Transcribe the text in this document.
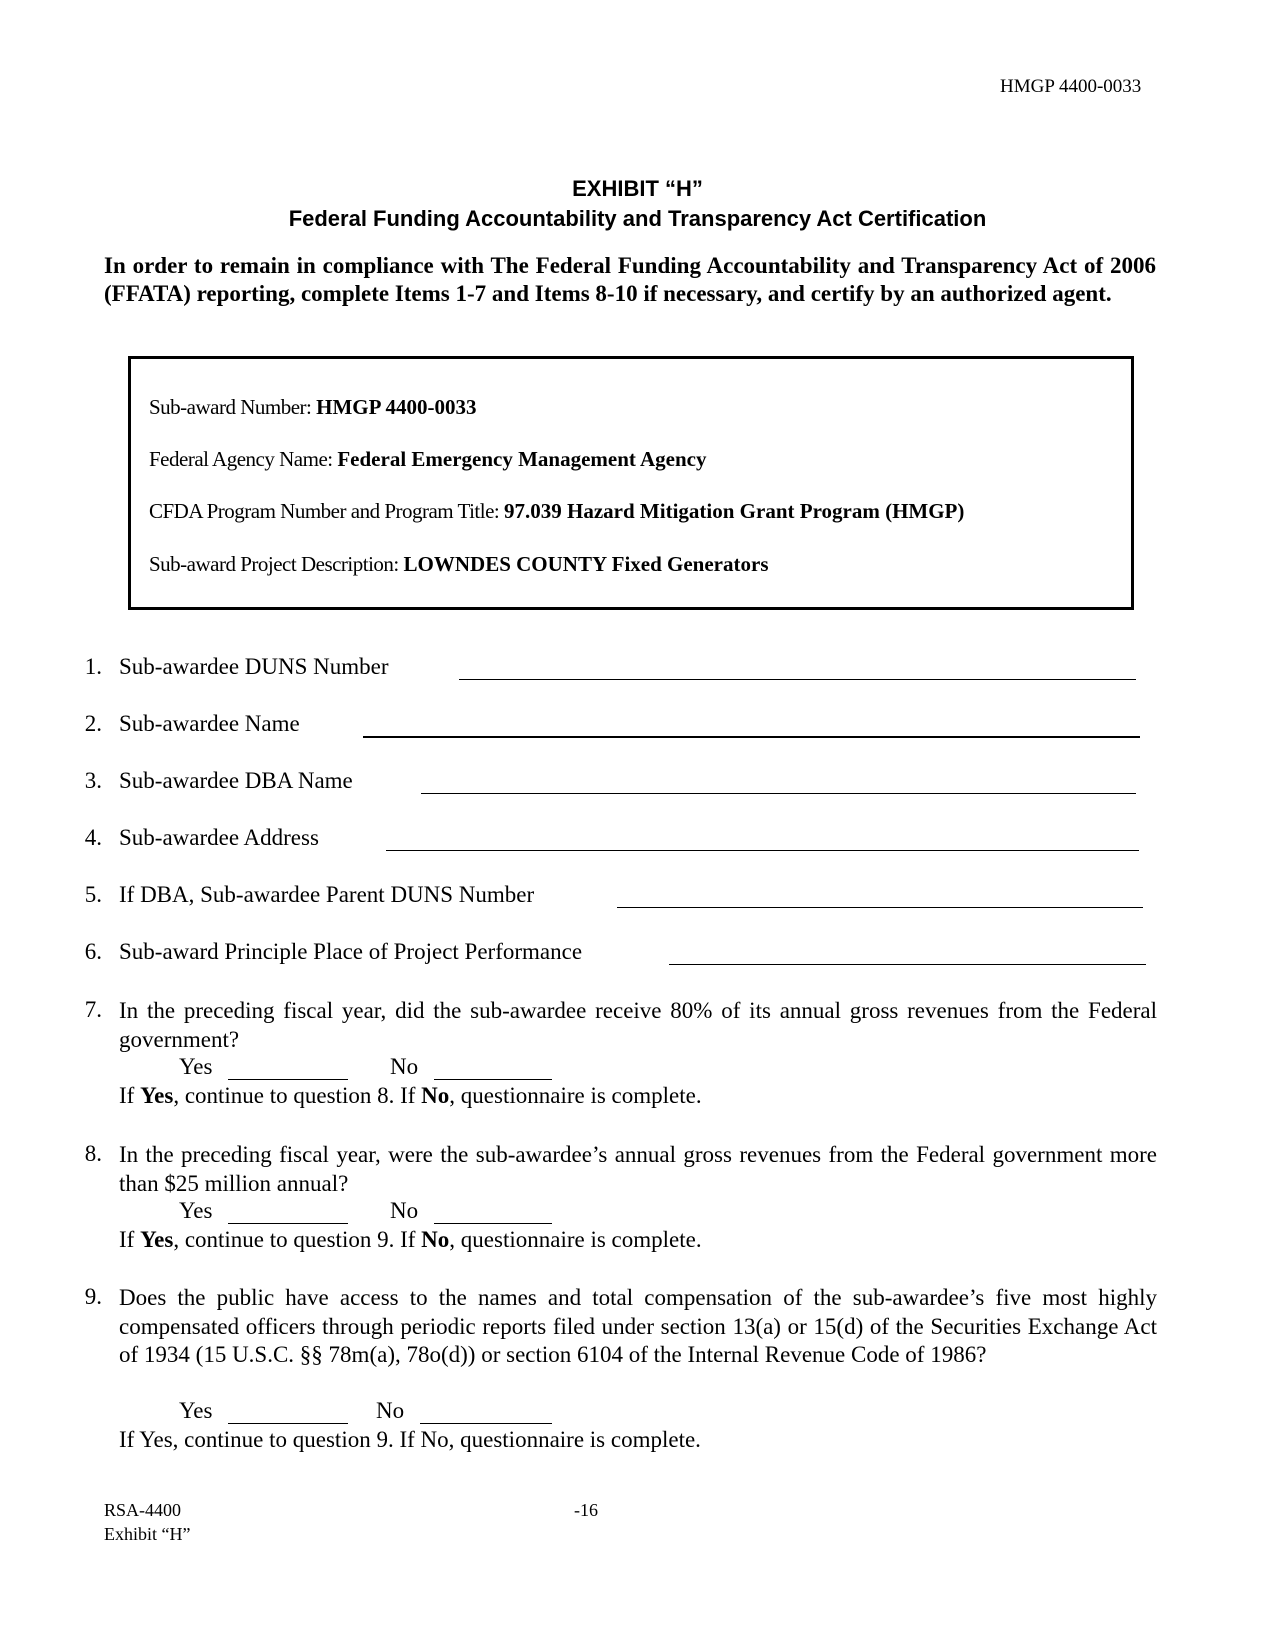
HMGP 4400-0033
EXHIBIT “H”
Federal Funding Accountability and Transparency Act Certification
In order to remain in compliance with The Federal Funding Accountability and Transparency Act of 2006 (FFATA) reporting, complete Items 1-7 and Items 8-10 if necessary, and certify by an authorized agent.
Sub-award Number: HMGP 4400-0033
Federal Agency Name: Federal Emergency Management Agency
CFDA Program Number and Program Title: 97.039 Hazard Mitigation Grant Program (HMGP)
Sub-award Project Description: LOWNDES COUNTY Fixed Generators
1. Sub-awardee DUNS Number
2. Sub-awardee Name
3. Sub-awardee DBA Name
4. Sub-awardee Address
5. If DBA, Sub-awardee Parent DUNS Number
6. Sub-award Principle Place of Project Performance
7. In the preceding fiscal year, did the sub-awardee receive 80% of its annual gross revenues from the Federal government?
Yes	No
If Yes, continue to question 8. If No, questionnaire is complete.
8. In the preceding fiscal year, were the sub-awardee’s annual gross revenues from the Federal government more than $25 million annual?
Yes	No
If Yes, continue to question 9. If No, questionnaire is complete.
9. Does the public have access to the names and total compensation of the sub-awardee’s five most highly compensated officers through periodic reports filed under section 13(a) or 15(d) of the Securities Exchange Act of 1934 (15 U.S.C. §§ 78m(a), 78o(d)) or section 6104 of the Internal Revenue Code of 1986?
Yes	No
If Yes, continue to question 9. If No, questionnaire is complete.
RSA-4400
Exhibit “H”
-16
